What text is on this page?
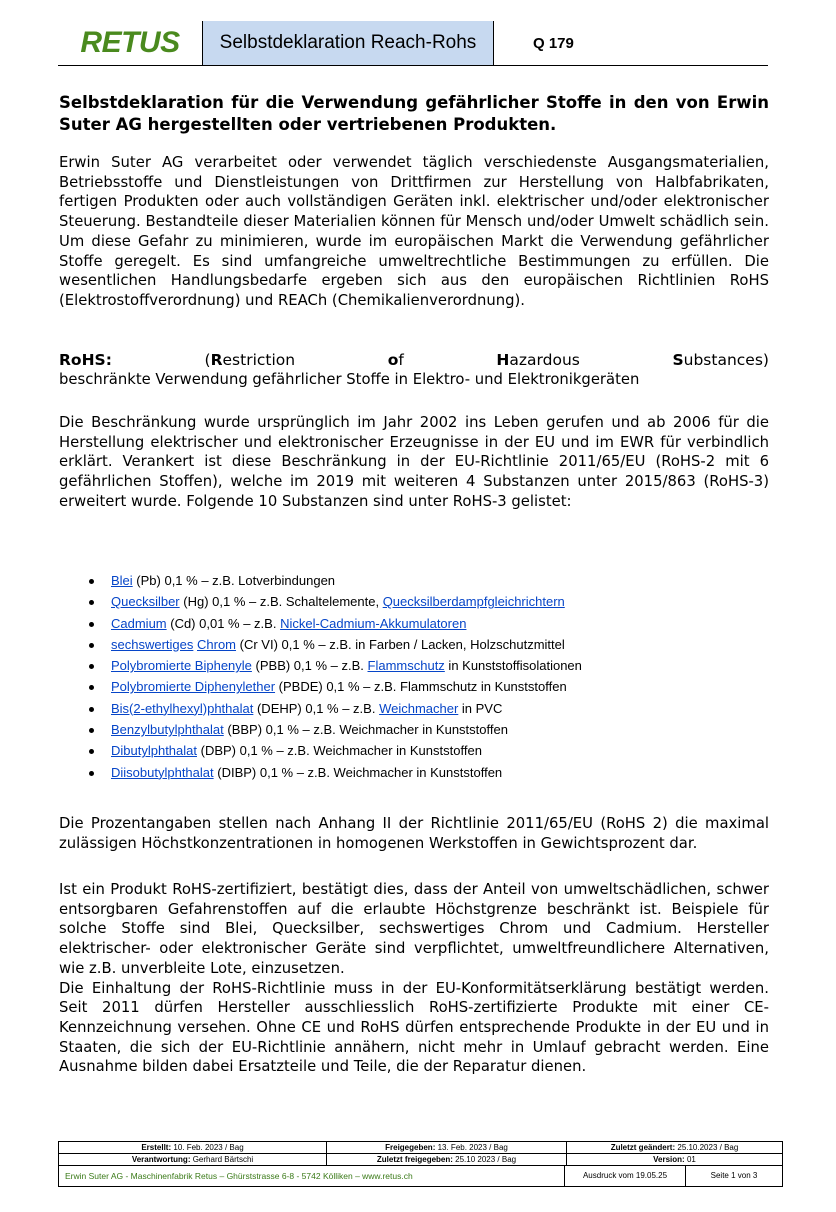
RETUS	Selbstdeklaration Reach-Rohs	Q 179

Selbstdeklaration für die Verwendung gefährlicher Stoffe in den von Erwin Suter AG hergestellten oder vertriebenen Produkten.

Erwin Suter AG verarbeitet oder verwendet täglich verschiedenste Ausgangsmaterialien, Betriebsstoffe und Dienstleistungen von Drittfirmen zur Herstellung von Halbfabrikaten, fertigen Produkten oder auch vollständigen Geräten inkl. elektrischer und/oder elektronischer Steuerung. Bestandteile dieser Materialien können für Mensch und/oder Umwelt schädlich sein. Um diese Gefahr zu minimieren, wurde im europäischen Markt die Verwendung gefährlicher Stoffe geregelt. Es sind umfangreiche umweltrechtliche Bestimmungen zu erfüllen. Die wesentlichen Handlungsbedarfe ergeben sich aus den europäischen Richtlinien RoHS (Elektrostoffverordnung) und REACh (Chemikalienverordnung).

RoHS:	(Restriction	of	Hazardous	Substances)
beschränkte Verwendung gefährlicher Stoffe in Elektro- und Elektronikgeräten

Die Beschränkung wurde ursprünglich im Jahr 2002 ins Leben gerufen und ab 2006 für die Herstellung elektrischer und elektronischer Erzeugnisse in der EU und im EWR für verbindlich erklärt. Verankert ist diese Beschränkung in der EU-Richtlinie 2011/65/EU (RoHS-2 mit 6 gefährlichen Stoffen), welche im 2019 mit weiteren 4 Substanzen unter 2015/863 (RoHS-3) erweitert wurde. Folgende 10 Substanzen sind unter RoHS-3 gelistet:

Blei (Pb) 0,1 % – z.B. Lotverbindungen
Quecksilber (Hg) 0,1 % – z.B. Schaltelemente, Quecksilberdampfgleichrichtern
Cadmium (Cd) 0,01 % – z.B. Nickel-Cadmium-Akkumulatoren
sechswertiges Chrom (Cr VI) 0,1 % – z.B. in Farben / Lacken, Holzschutzmittel
Polybromierte Biphenyle (PBB) 0,1 % – z.B. Flammschutz in Kunststoffisolationen
Polybromierte Diphenylether (PBDE) 0,1 % – z.B. Flammschutz in Kunststoffen
Bis(2-ethylhexyl)phthalat (DEHP) 0,1 % – z.B. Weichmacher in PVC
Benzylbutylphthalat (BBP) 0,1 % – z.B. Weichmacher in Kunststoffen
Dibutylphthalat (DBP) 0,1 % – z.B. Weichmacher in Kunststoffen
Diisobutylphthalat (DIBP) 0,1 % – z.B. Weichmacher in Kunststoffen

Die Prozentangaben stellen nach Anhang II der Richtlinie 2011/65/EU (RoHS 2) die maximal zulässigen Höchstkonzentrationen in homogenen Werkstoffen in Gewichtsprozent dar.

Ist ein Produkt RoHS-zertifiziert, bestätigt dies, dass der Anteil von umweltschädlichen, schwer entsorgbaren Gefahrenstoffen auf die erlaubte Höchstgrenze beschränkt ist. Beispiele für solche Stoffe sind Blei, Quecksilber, sechswertiges Chrom und Cadmium. Hersteller elektrischer- oder elektronischer Geräte sind verpflichtet, umweltfreundlichere Alternativen, wie z.B. unverbleite Lote, einzusetzen.

Die Einhaltung der RoHS-Richtlinie muss in der EU-Konformitätserklärung bestätigt werden. Seit 2011 dürfen Hersteller ausschliesslich RoHS-zertifizierte Produkte mit einer CE-Kennzeichnung versehen. Ohne CE und RoHS dürfen entsprechende Produkte in der EU und in Staaten, die sich der EU-Richtlinie annähern, nicht mehr in Umlauf gebracht werden. Eine Ausnahme bilden dabei Ersatzteile und Teile, die der Reparatur dienen.

Erstellt: 10. Feb. 2023 / Bag	Freigegeben: 13. Feb. 2023 / Bag	Zuletzt geändert: 25.10.2023 / Bag
Verantwortung: Gerhard Bärtschi	Zuletzt freigegeben: 25.10 2023 / Bag	Version: 01
Erwin Suter AG - Maschinenfabrik Retus – Ghürststrasse 6-8 - 5742 Kölliken – www.retus.ch	Ausdruck vom 19.05.25	Seite 1 von 3
